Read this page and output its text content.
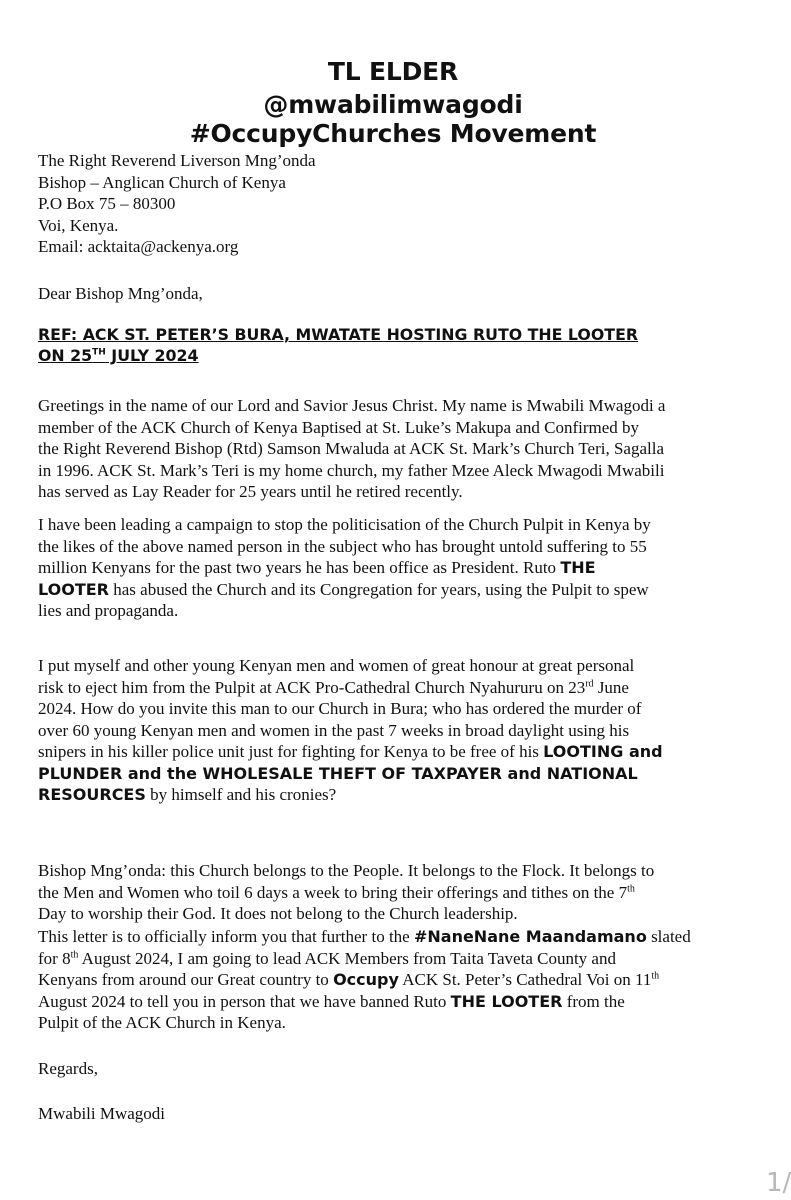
TL ELDER
@mwabilimwagodi
#OccupyChurches Movement
The Right Reverend Liverson Mng’onda
Bishop – Anglican Church of Kenya
P.O Box 75 – 80300
Voi, Kenya.
Email: acktaita@ackenya.org
Dear Bishop Mng’onda,
REF: ACK ST. PETER’S BURA, MWATATE HOSTING RUTO THE LOOTER
ON 25TH JULY 2024
Greetings in the name of our Lord and Savior Jesus Christ. My name is Mwabili Mwagodi a
member of the ACK Church of Kenya Baptised at St. Luke’s Makupa and Confirmed by
the Right Reverend Bishop (Rtd) Samson Mwaluda at ACK St. Mark’s Church Teri, Sagalla
in 1996. ACK St. Mark’s Teri is my home church, my father Mzee Aleck Mwagodi Mwabili
has served as Lay Reader for 25 years until he retired recently.
I have been leading a campaign to stop the politicisation of the Church Pulpit in Kenya by
the likes of the above named person in the subject who has brought untold suffering to 55
million Kenyans for the past two years he has been office as President. Ruto THE
LOOTER has abused the Church and its Congregation for years, using the Pulpit to spew
lies and propaganda.
I put myself and other young Kenyan men and women of great honour at great personal
risk to eject him from the Pulpit at ACK Pro-Cathedral Church Nyahururu on 23rd June
2024. How do you invite this man to our Church in Bura; who has ordered the murder of
over 60 young Kenyan men and women in the past 7 weeks in broad daylight using his
snipers in his killer police unit just for fighting for Kenya to be free of his LOOTING and
PLUNDER and the WHOLESALE THEFT OF TAXPAYER and NATIONAL
RESOURCES by himself and his cronies?
Bishop Mng’onda: this Church belongs to the People. It belongs to the Flock. It belongs to
the Men and Women who toil 6 days a week to bring their offerings and tithes on the 7th
Day to worship their God. It does not belong to the Church leadership.
This letter is to officially inform you that further to the #NaneNane Maandamano slated
for 8th August 2024, I am going to lead ACK Members from Taita Taveta County and
Kenyans from around our Great country to Occupy ACK St. Peter’s Cathedral Voi on 11th
August 2024 to tell you in person that we have banned Ruto THE LOOTER from the
Pulpit of the ACK Church in Kenya.
Regards,
Mwabili Mwagodi
1/
